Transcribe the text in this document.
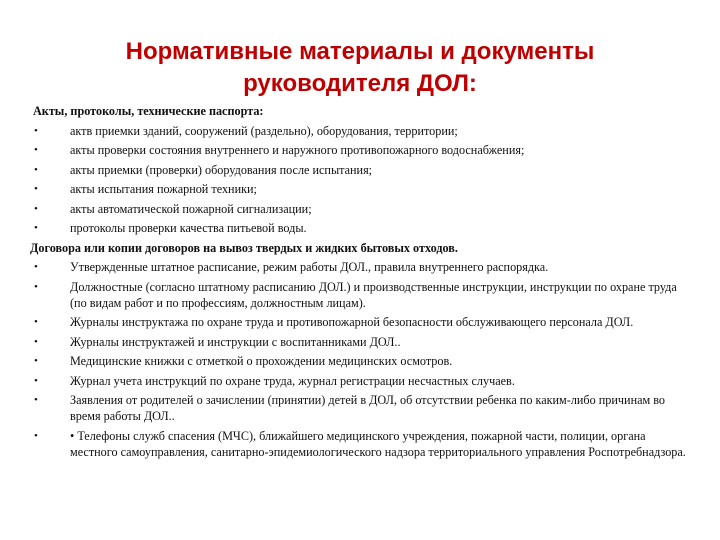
Нормативные материалы и документы
руководителя ДОЛ:
Акты, протоколы, технические паспорта:
•	актв приемки зданий, сооружений (раздельно), оборудования, территории;
•	акты проверки состояния внутреннего и наружного противопожарного водоснабжения;
•	акты приемки (проверки) оборудования после испытания;
•	акты испытания пожарной техники;
•	акты автоматической пожарной сигнализации;
•	протоколы проверки качества питьевой воды.
Договора или копии договоров на вывоз твердых и жидких бытовых отходов.
•	Утвержденные штатное расписание, режим работы ДОЛ., правила внутреннего распорядка.
•	Должностные (согласно штатному расписанию ДОЛ.) и производственные инструкции, инструкции по охране труда (по видам работ и по профессиям, должностным лицам).
•	Журналы инструктажа по охране труда и противопожарной безопасности обслуживающего персонала ДОЛ.
•	Журналы инструктажей и инструкции с воспитанниками ДОЛ..
•	Медицинские книжки с отметкой о прохождении медицинских осмотров.
•	Журнал учета инструкций по охране труда, журнал регистрации несчастных случаев.
•	Заявления от родителей о зачислении (принятии) детей в ДОЛ, об отсутствии ребенка по каким-либо причинам во время работы ДОЛ..
•	• Телефоны служб спасения (МЧС), ближайшего медицинского учреждения, пожарной части, полиции, органа местного самоуправления, санитарно-эпидемиологического надзора территориального управления Роспотребнадзора.
